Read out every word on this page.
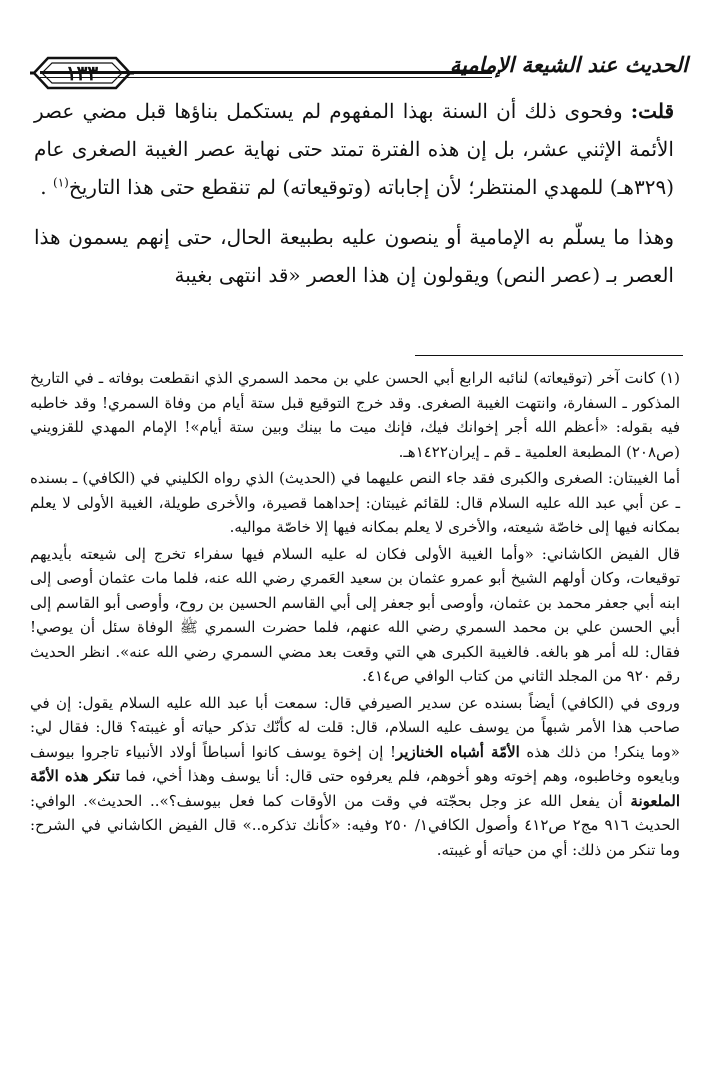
الحديث عند الشيعة الإمامية
١٣٣

قلت: وفحوى ذلك أن السنة بهذا المفهوم لم يستكمل بناؤها قبل مضي عصر الأئمة الإثني عشر، بل إن هذه الفترة تمتد حتى نهاية عصر الغيبة الصغرى عام (٣٢٩هـ) للمهدي المنتظر؛ لأن إجاباته (وتوقيعاته) لم تنقطع حتى هذا التاريخ$^{(١)}$ .

وهذا ما يسلّم به الإمامية أو ينصون عليه بطبيعة الحال، حتى إنهم يسمون هذا العصر بـ (عصر النص) ويقولون إن هذا العصر «قد انتهى بغيبة

(١) كانت آخر (توقيعاته) لنائبه الرابع أبي الحسن علي بن محمد السمري الذي انقطعت بوفاته ـ في التاريخ المذكور ـ السفارة، وانتهت الغيبة الصغرى. وقد خرج التوقيع قبل ستة أيام من وفاة السمري! وقد خاطبه فيه بقوله: «أعظم الله أجر إخوانك فيك، فإنك ميت ما بينك وبين ستة أيام»! الإمام المهدي للقزويني (ص٢٠٨) المطبعة العلمية ـ قم ـ إيران١٤٢٢هـ.

أما الغيبتان: الصغرى والكبرى فقد جاء النص عليهما في (الحديث) الذي رواه الكليني في (الكافي) ـ بسنده ـ عن أبي عبد الله عليه السلام قال: للقائم غيبتان: إحداهما قصيرة، والأخرى طويلة، الغيبة الأولى لا يعلم بمكانه فيها إلى خاصّة شيعته، والأخرى لا يعلم بمكانه فيها إلا خاصّة مواليه.

قال الفيض الكاشاني: «وأما الغيبة الأولى فكان له عليه السلام فيها سفراء تخرج إلى شيعته بأيديهم توقيعات، وكان أولهم الشيخ أبو عمرو عثمان بن سعيد العَمري رضي الله عنه، فلما مات عثمان أوصى إلى ابنه أبي جعفر محمد بن عثمان، وأوصى أبو جعفر إلى أبي القاسم الحسين بن روح، وأوصى أبو القاسم إلى أبي الحسن علي بن محمد السمري رضي الله عنهم، فلما حضرت السمري ﷺ الوفاة سئل أن يوصي! فقال: لله أمر هو بالغه. فالغيبة الكبرى هي التي وقعت بعد مضي السمري رضي الله عنه». انظر الحديث رقم ٩٢٠ من المجلد الثاني من كتاب الوافي ص٤١٤.

وروى في (الكافي) أيضاً بسنده عن سدير الصيرفي قال: سمعت أبا عبد الله عليه السلام يقول: إن في صاحب هذا الأمر شبهاً من يوسف عليه السلام، قال: قلت له كأنّك تذكر حياته أو غيبته؟ قال: فقال لي: «وما ينكر! من ذلك هذه الأمّة أشباه الخنازير! إن إخوة يوسف كانوا أسباطاً أولاد الأنبياء تاجروا بيوسف وبايعوه وخاطبوه، وهم إخوته وهو أخوهم، فلم يعرفوه حتى قال: أنا يوسف وهذا أخي، فما تنكر هذه الأمّة الملعونة أن يفعل الله عز وجل بحجّته في وقت من الأوقات كما فعل بيوسف؟».. الحديث». الوافي: الحديث ٩١٦ مج٢ ص٤١٢ وأصول الكافي١/ ٢٥٠ وفيه: «كأنك تذكره..» قال الفيض الكاشاني في الشرح: وما تنكر من ذلك: أي من حياته أو غيبته.
